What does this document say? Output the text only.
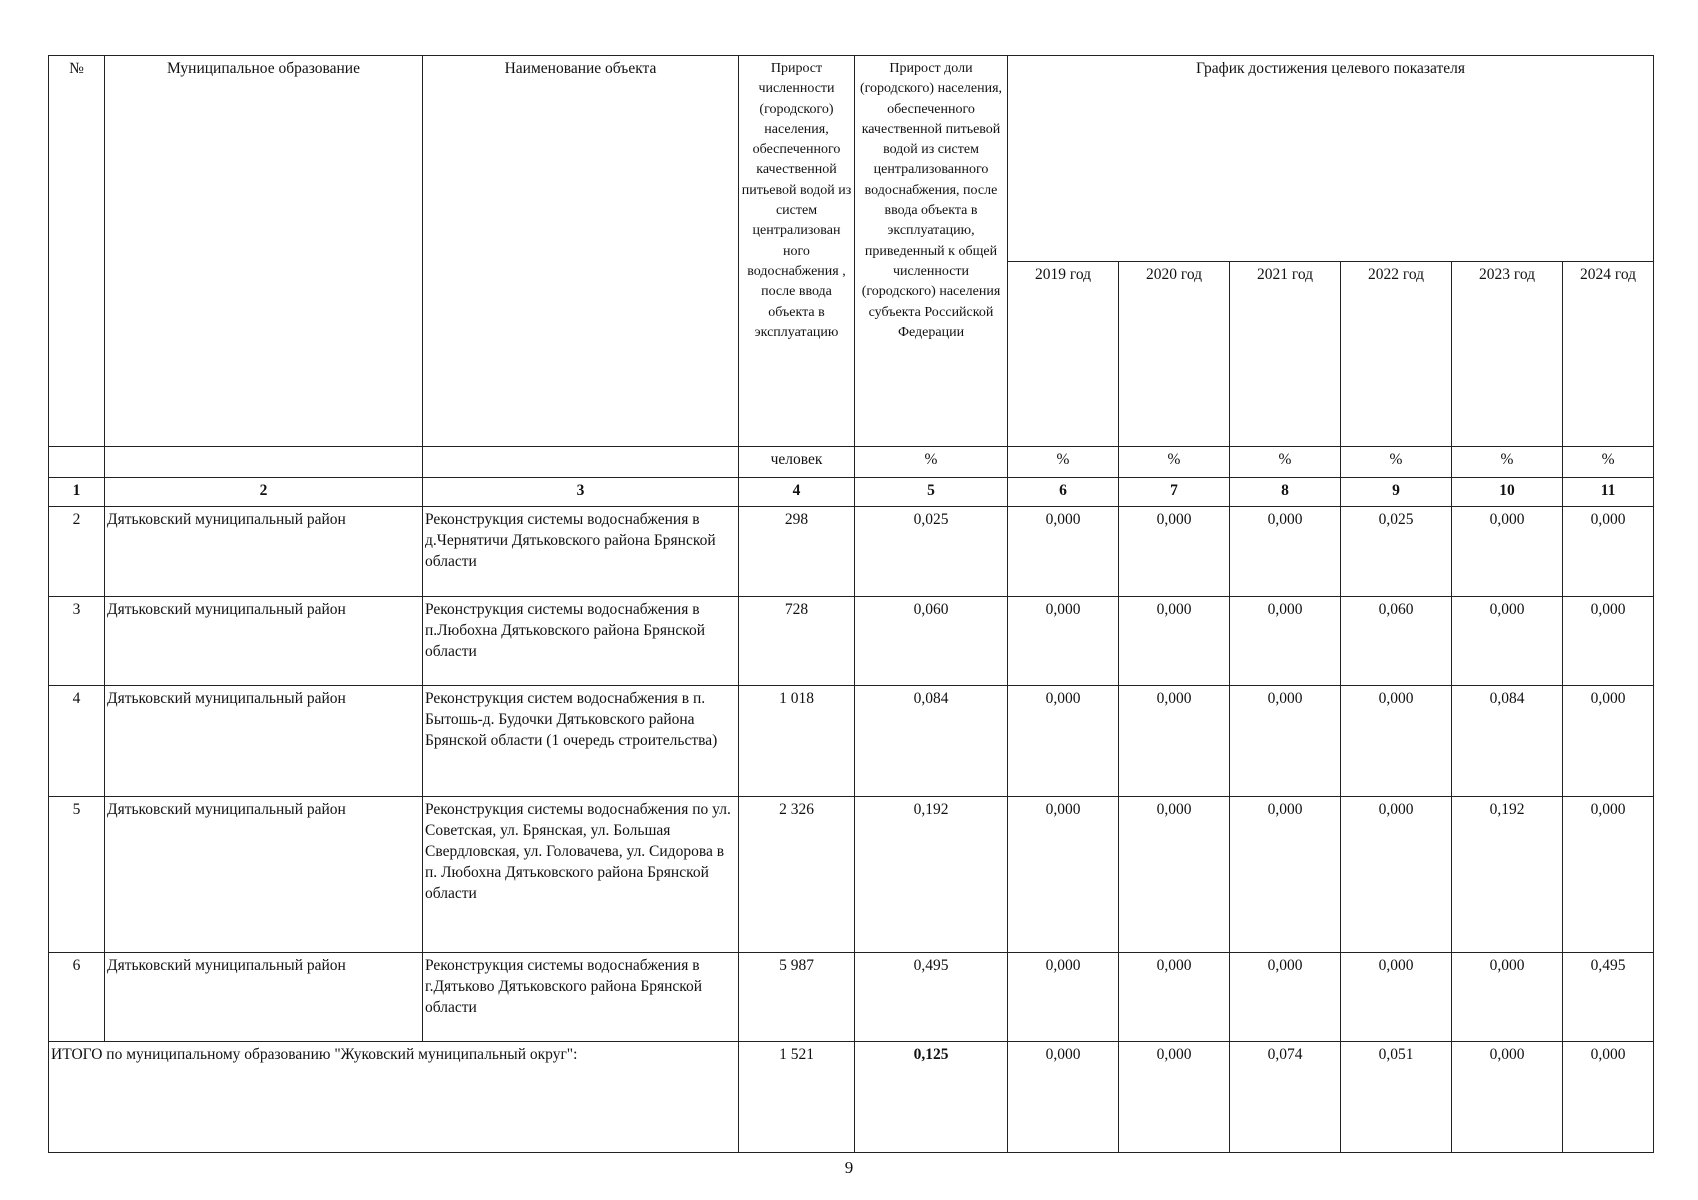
№	Муниципальное образование	Наименование объекта	Прирост численности (городского) населения, обеспеченного качественной питьевой водой из систем централизован ного водоснабжения , после ввода объекта в эксплуатацию	Прирост доли (городского) населения, обеспеченного качественной питьевой водой из систем централизованного водоснабжения, после ввода объекта в эксплуатацию, приведенный к общей численности (городского) населения субъекта Российской Федерации	График достижения целевого показателя					
					2019 год	2020 год	2021 год	2022 год	2023 год	2024 год
			человек	%	%	%	%	%	%	%
1	2	3	4	5	6	7	8	9	10	11
2	Дятьковский муниципальный район	Реконструкция системы водоснабжения в д.Чернятичи Дятьковского района Брянской области	298	0,025	0,000	0,000	0,000	0,025	0,000	0,000
3	Дятьковский муниципальный район	Реконструкция системы водоснабжения в п.Любохна Дятьковского района Брянской области	728	0,060	0,000	0,000	0,000	0,060	0,000	0,000
4	Дятьковский муниципальный район	Реконструкция систем водоснабжения в п. Бытошь-д. Будочки Дятьковского района Брянской области (1 очередь строительства)	1 018	0,084	0,000	0,000	0,000	0,000	0,084	0,000
5	Дятьковский муниципальный район	Реконструкция системы водоснабжения по ул. Советская, ул. Брянская, ул. Большая Свердловская, ул. Головачева, ул. Сидорова в п. Любохна Дятьковского района Брянской области	2 326	0,192	0,000	0,000	0,000	0,000	0,192	0,000
6	Дятьковский муниципальный район	Реконструкция системы водоснабжения в г.Дятьково Дятьковского района Брянской области	5 987	0,495	0,000	0,000	0,000	0,000	0,000	0,495
ИТОГО по муниципальному образованию "Жуковский муниципальный округ":			1 521	0,125	0,000	0,000	0,074	0,051	0,000	0,000
9
